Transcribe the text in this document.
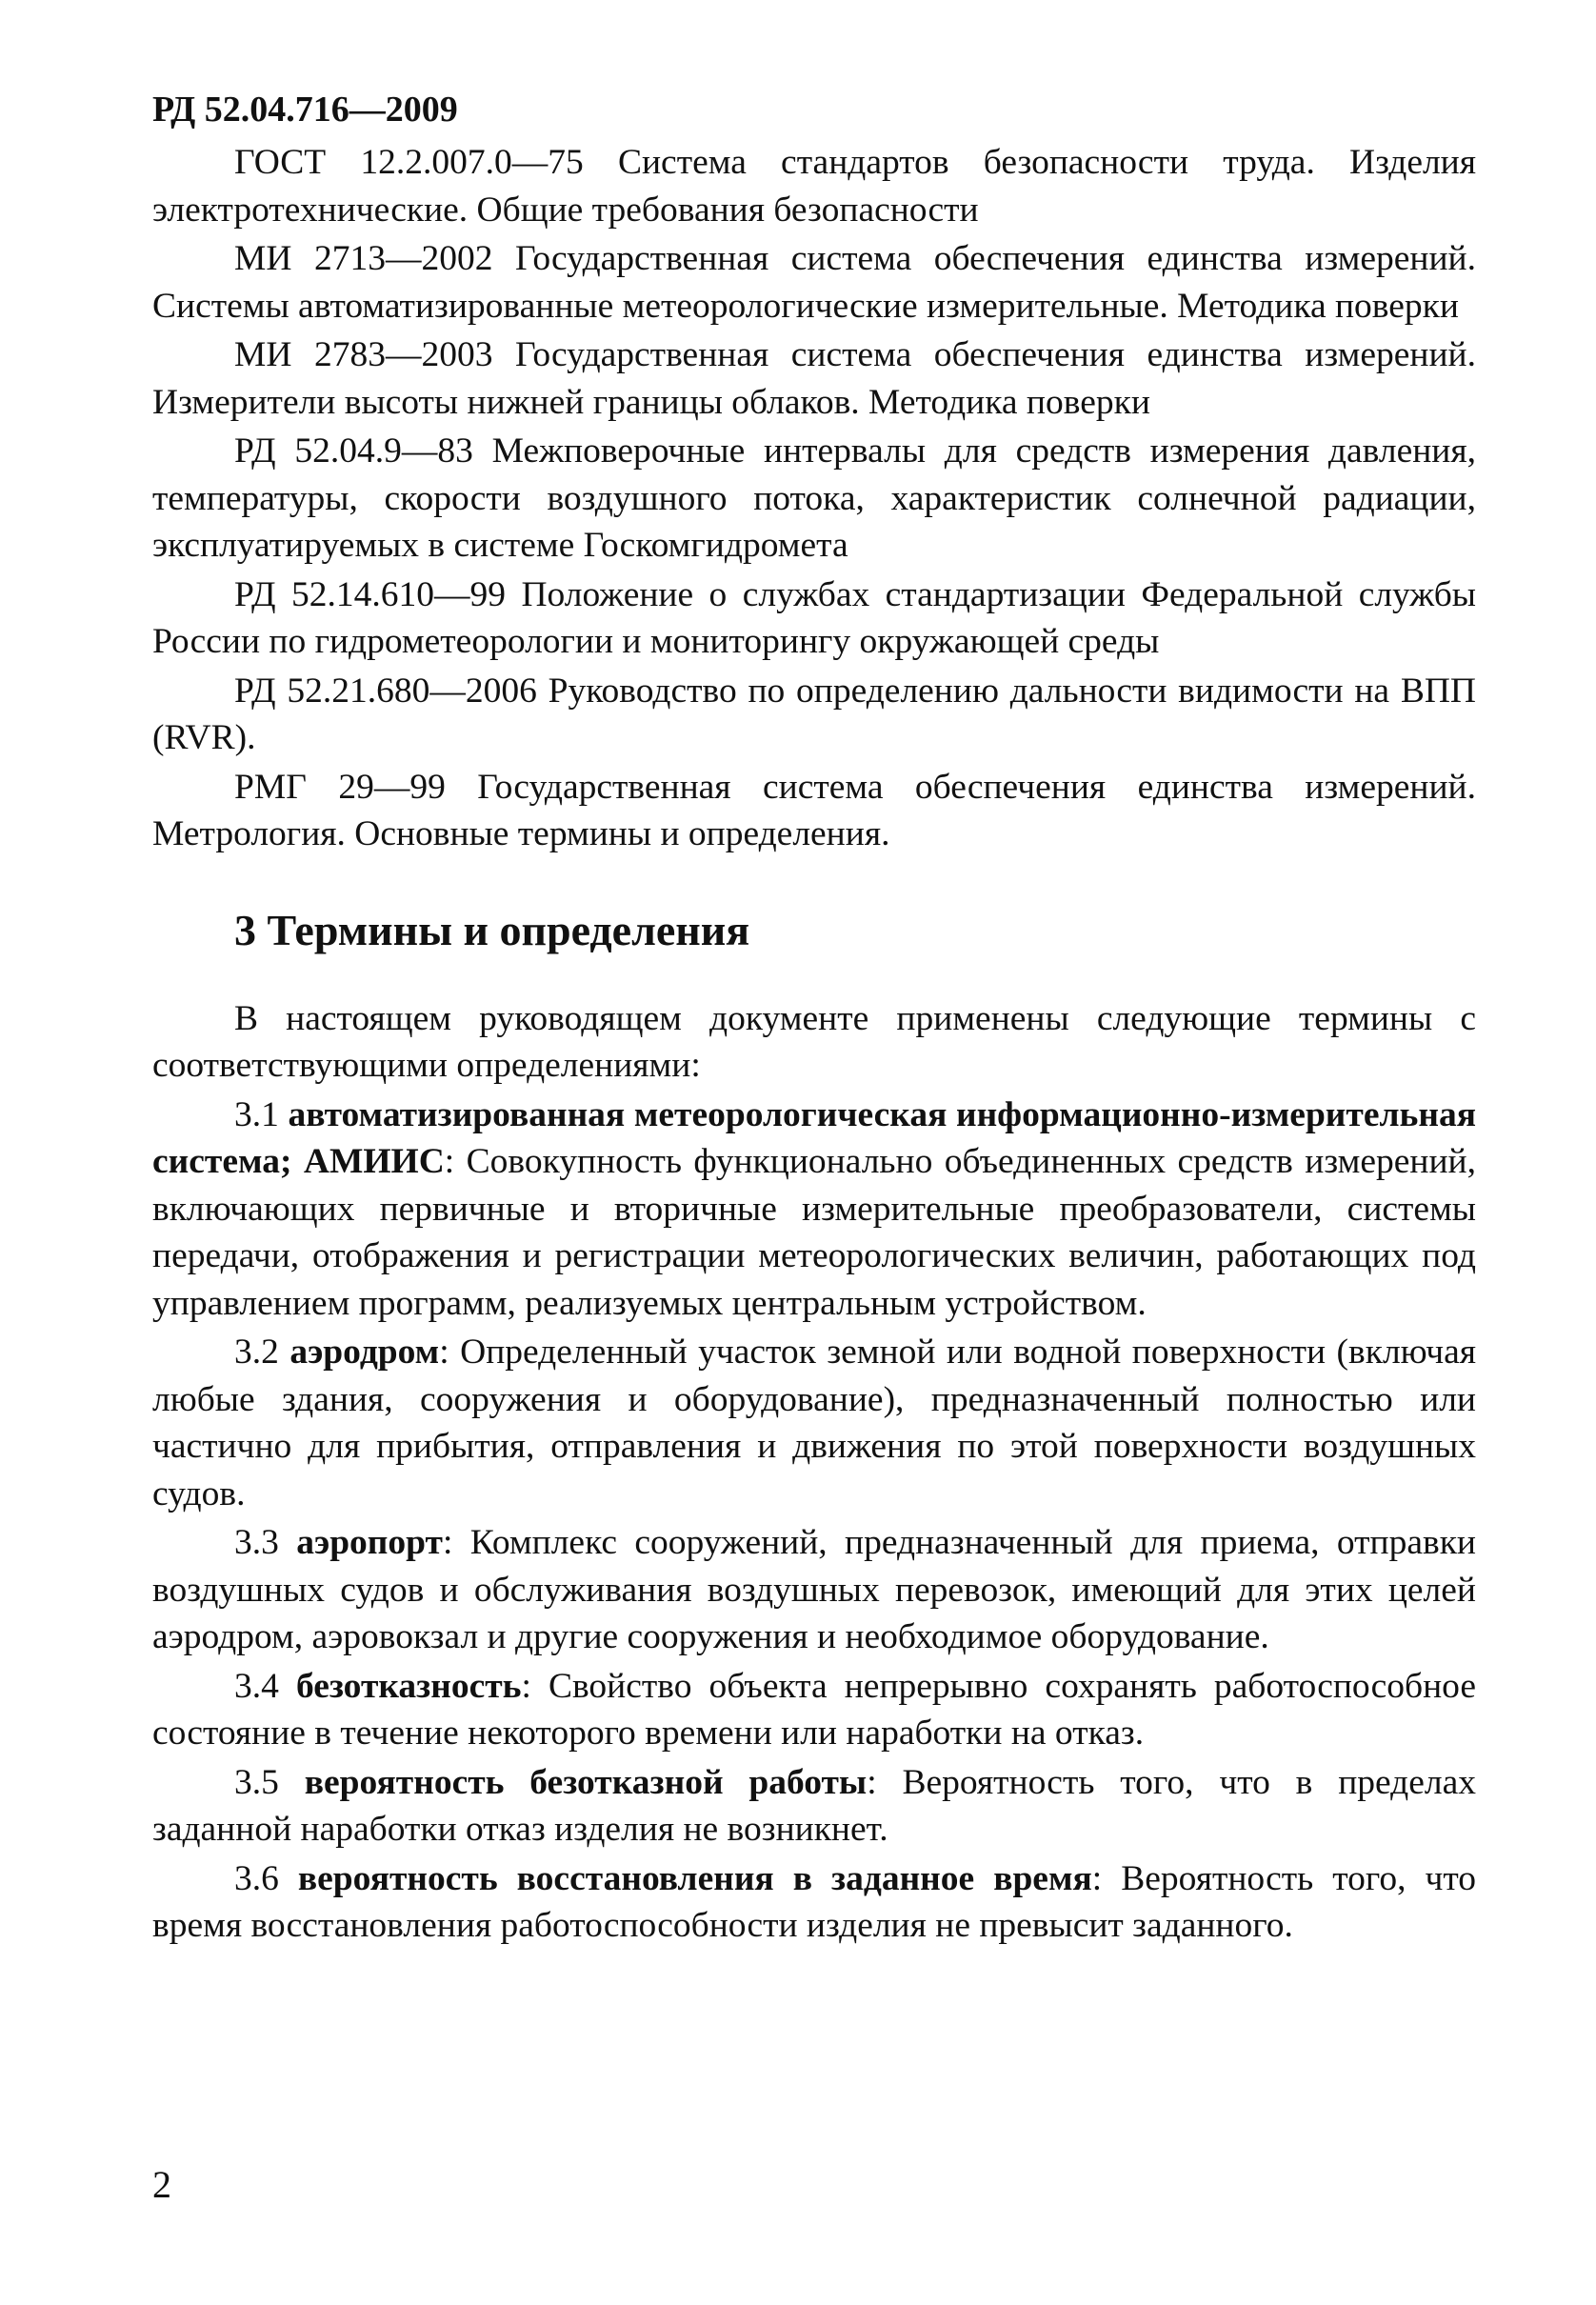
РД 52.04.716—2009

ГОСТ 12.2.007.0—75 Система стандартов безопасности труда. Изделия электротехнические. Общие требования безопасности

МИ 2713—2002 Государственная система обеспечения единства измерений. Системы автоматизированные метеорологические измерительные. Методика поверки

МИ 2783—2003 Государственная система обеспечения единства измерений. Измерители высоты нижней границы облаков. Методика поверки

РД 52.04.9—83 Межповерочные интервалы для средств измерения давления, температуры, скорости воздушного потока, характеристик солнечной радиации, эксплуатируемых в системе Госкомгидромета

РД 52.14.610—99 Положение о службах стандартизации Федеральной службы России по гидрометеорологии и мониторингу окружающей среды

РД 52.21.680—2006 Руководство по определению дальности видимости на ВПП (RVR).

РМГ 29—99 Государственная система обеспечения единства измерений. Метрология. Основные термины и определения.

3 Термины и определения

В настоящем руководящем документе применены следующие термины с соответствующими определениями:

3.1 автоматизированная метеорологическая информационно-измерительная система; АМИИС: Совокупность функционально объединенных средств измерений, включающих первичные и вторичные измерительные преобразователи, системы передачи, отображения и регистрации метеорологических величин, работающих под управлением программ, реализуемых центральным устройством.

3.2 аэродром: Определенный участок земной или водной поверхности (включая любые здания, сооружения и оборудование), предназначенный полностью или частично для прибытия, отправления и движения по этой поверхности воздушных судов.

3.3 аэропорт: Комплекс сооружений, предназначенный для приема, отправки воздушных судов и обслуживания воздушных перевозок, имеющий для этих целей аэродром, аэровокзал и другие сооружения и необходимое оборудование.

3.4 безотказность: Свойство объекта непрерывно сохранять работоспособное состояние в течение некоторого времени или наработки на отказ.

3.5 вероятность безотказной работы: Вероятность того, что в пределах заданной наработки отказ изделия не возникнет.

3.6 вероятность восстановления в заданное время: Вероятность того, что время восстановления работоспособности изделия не превысит заданного.

2
